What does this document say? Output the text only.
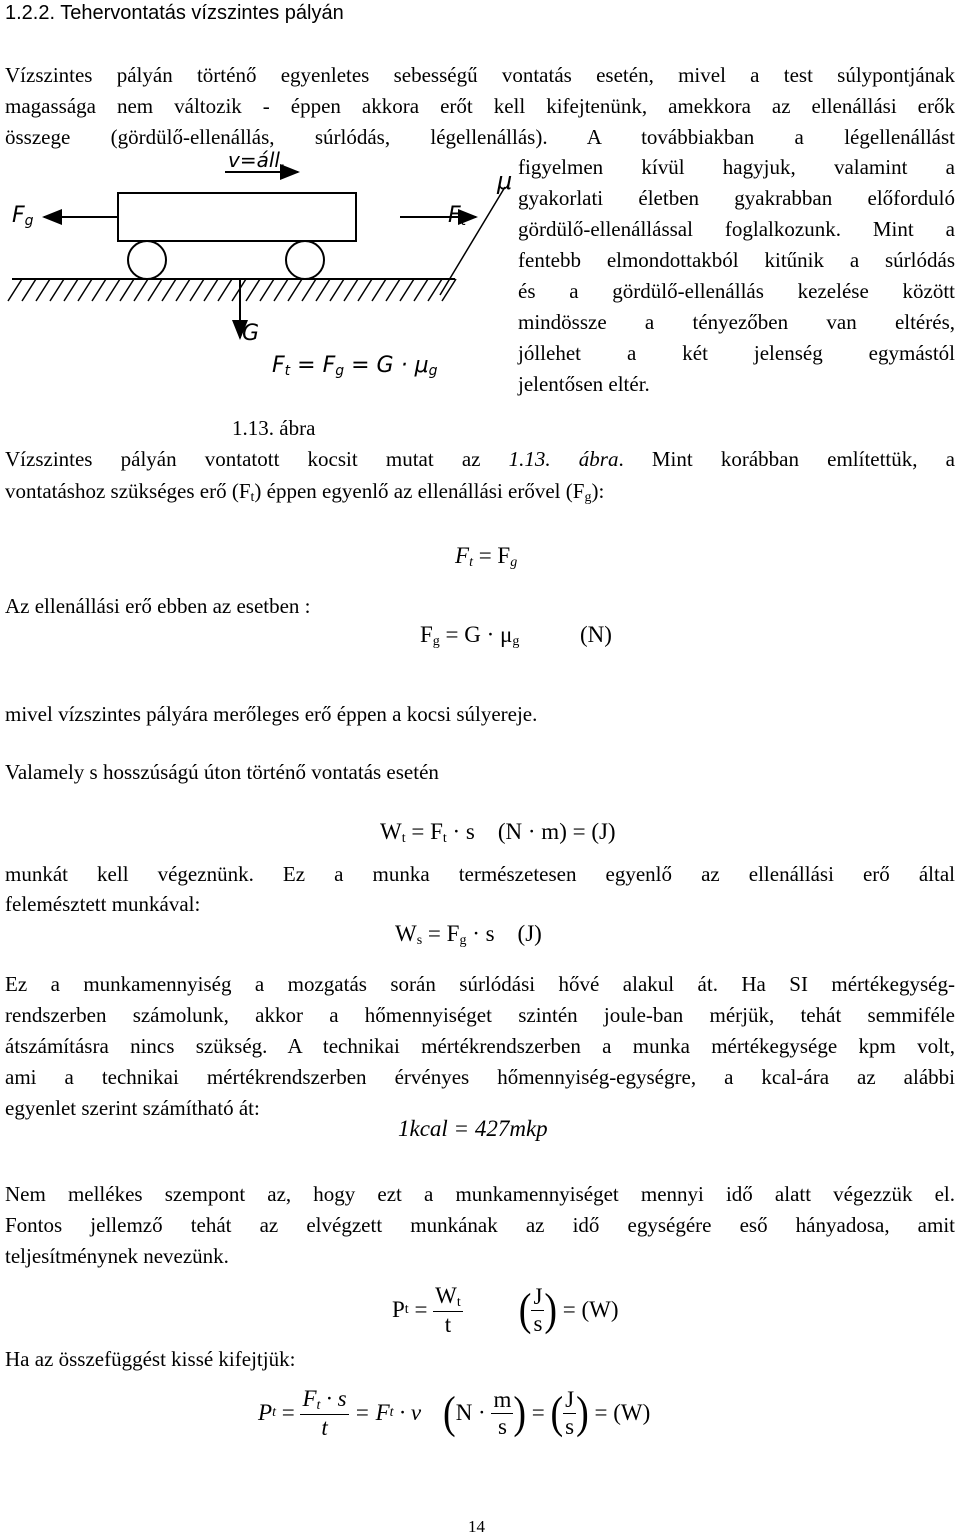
1.2.2. Tehervontatás vízszintes pályán
Vízszintes pályán történő egyenletes sebességű vontatás esetén, mivel a test súlypontjának
magassága nem változik - éppen akkora erőt kell kifejtenünk, amekkora az ellenállási erők
összege (gördülő-ellenállás, súrlódás, légellenállás). A továbbiakban a légellenállást
figyelmen kívül hagyjuk, valamint a
gyakorlati életben gyakrabban előforduló
gördülő-ellenállással foglalkozunk. Mint a
fentebb elmondottakból kitűnik a súrlódás
és a gördülő-ellenállás kezelése között
mindössze a tényezőben van eltérés,
jóllehet a két jelenség egymástól
jelentősen eltér.
v=áll.
μ
$F_g$	$F_t$
G
$F_t = F_g = G \cdot \mu_g$
1.13. ábra
Vízszintes pályán vontatott kocsit mutat az 1.13. ábra. Mint korábban említettük, a
vontatáshoz szükséges erő $(F_t)$ éppen egyenlő az ellenállási erővel $(F_g)$:
$F_t = F_g$
Az ellenállási erő ebben az esetben :
$F_g = G \cdot \mu_g$	(N)
mivel vízszintes pályára merőleges erő éppen a kocsi súlyereje.
Valamely s hosszúságú úton történő vontatás esetén
$W_t = F_t \cdot s$    (N · m) = (J)
munkát kell végeznünk. Ez a munka természetesen egyenlő az ellenállási erő által
felemésztett munkával:
$W_s = F_g \cdot s$    (J)
Ez a munkamennyiség a mozgatás során súrlódási hővé alakul át. Ha SI mértékegység-
rendszerben számolunk, akkor a hőmennyiséget szintén joule-ban mérjük, tehát semmiféle
átszámításra nincs szükség. A technikai mértékrendszerben a munka mértékegysége kpm volt,
ami a technikai mértékrendszerben érvényes hőmennyiség-egységre, a kcal-ára az alábbi
egyenlet szerint számítható át:
1kcal = 427mkp
Nem mellékes szempont az, hogy ezt a munkamennyiséget mennyi idő alatt végezzük el.
Fontos jellemző tehát az elvégzett munkának az idő egységére eső hányadosa, amit
teljesítménynek nevezünk.
P $t = \frac{W_t}{t}$ ( $\frac{J}{s}$ ) = (W)
Ha az összefüggést kissé kifejtjük:
P $t = \frac{F_t \cdot s}{t} = F$ t · v ( $N \cdot \frac{m}{s}$ ) = ( $\frac{J}{s}$ ) = (W)
14
